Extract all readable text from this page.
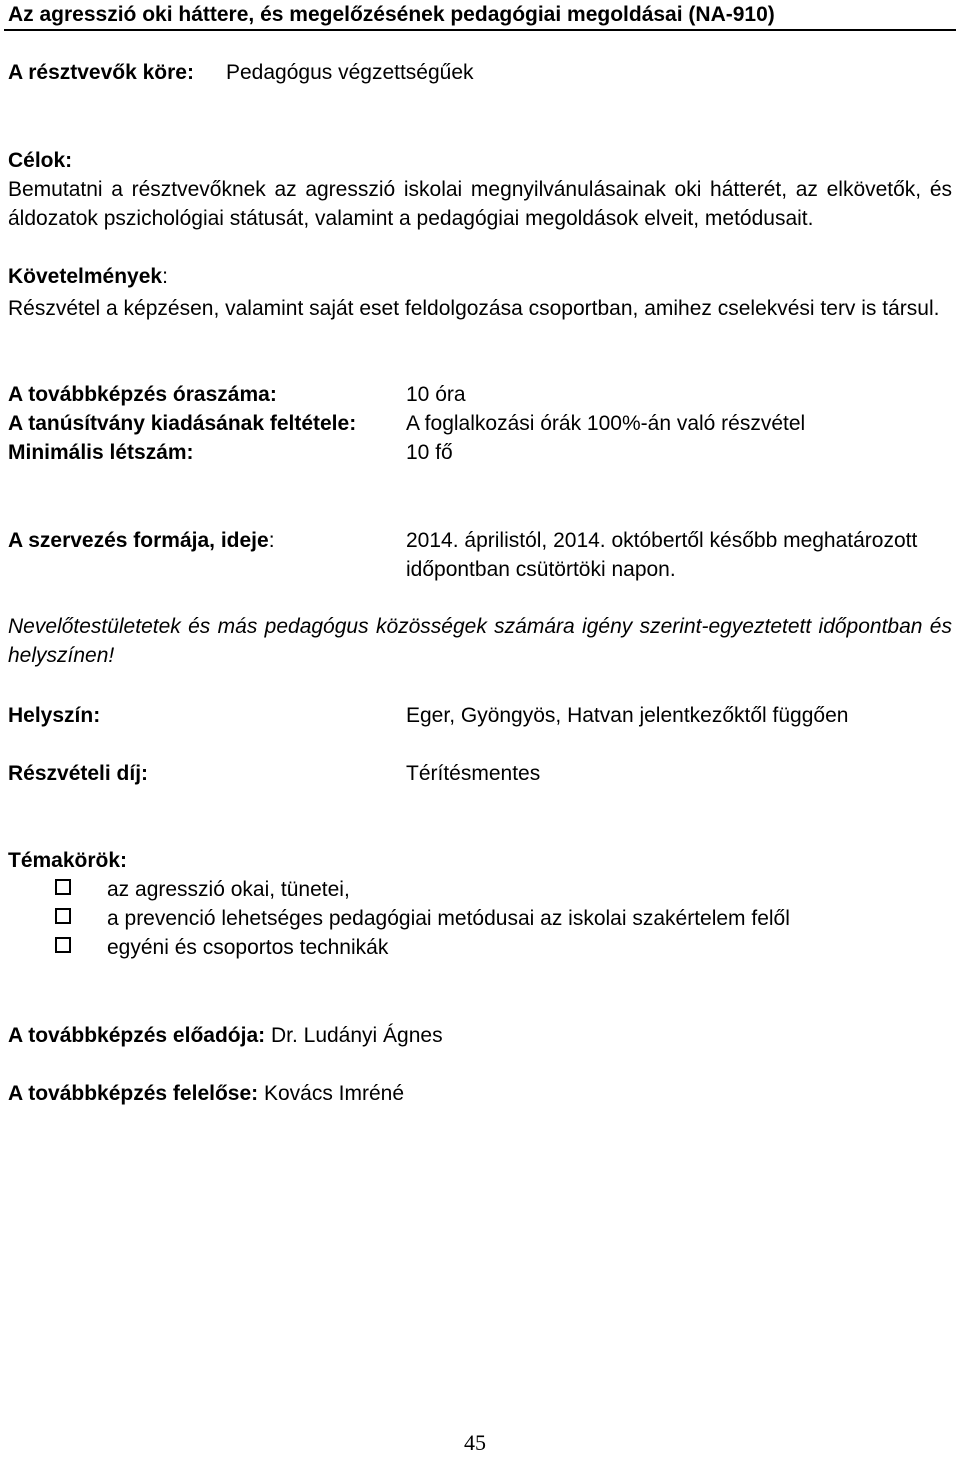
Az agresszió oki háttere, és megelőzésének pedagógiai megoldásai (NA-910)
A résztvevők köre: Pedagógus végzettségűek
Célok:
Bemutatni a résztvevőknek az agresszió iskolai megnyilvánulásainak oki hátterét, az elkövetők, és áldozatok pszichológiai státusát, valamint a pedagógiai megoldások elveit, metódusait.
Követelmények:
Részvétel a képzésen, valamint saját eset feldolgozása csoportban, amihez cselekvési terv is társul.
A továbbképzés óraszáma:	10 óra
A tanúsítvány kiadásának feltétele: A foglalkozási órák 100%-án való részvétel
Minimális létszám:	10 fő
A szervezés formája, ideje:	2014. áprilistól, 2014. októbertől később meghatározott
időpontban csütörtöki napon.
Nevelőtestületetek és más pedagógus közösségek számára igény szerint-egyeztetett időpontban és helyszínen!
Helyszín:	Eger, Gyöngyös, Hatvan jelentkezőktől függően
Részvételi díj:	Térítésmentes
Témakörök:
az agresszió okai, tünetei,
a prevenció lehetséges pedagógiai metódusai az iskolai szakértelem felől
egyéni és csoportos technikák
A továbbképzés előadója: Dr. Ludányi Ágnes
A továbbképzés felelőse: Kovács Imréné
45
